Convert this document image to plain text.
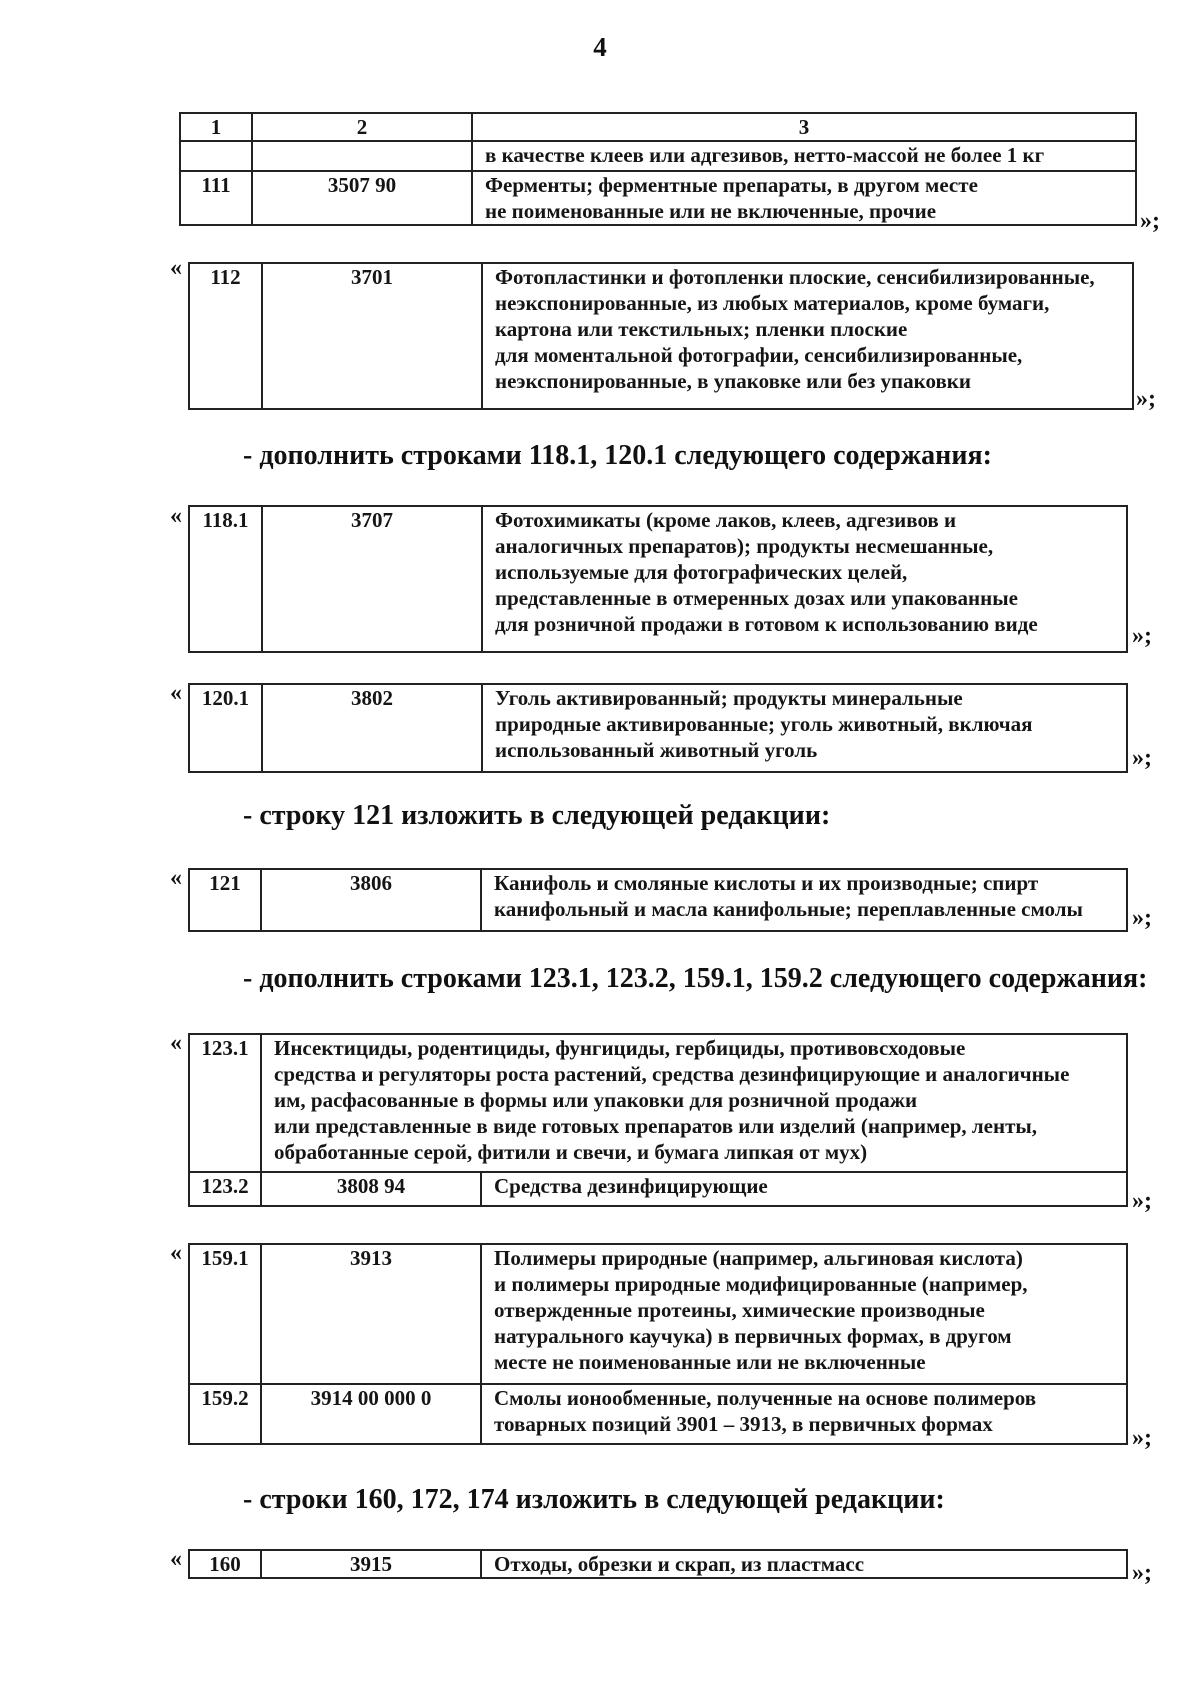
4
1	2	3

		в качестве клеев или адгезивов, нетто-массой не более 1 кг

111	3507 90	Ферменты; ферментные препараты, в другом месте
не поименованные или не включенные, прочие	»;
« 112	3701	Фотопластинки и фотопленки плоские, сенсибилизированные,
неэкспонированные, из любых материалов, кроме бумаги,
картона или текстильных; пленки плоские
для моментальной фотографии, сенсибилизированные,
неэкспонированные, в упаковке или без упаковки
»;
- дополнить строками 118.1, 120.1 следующего содержания:
« 118.1	3707	Фотохимикаты (кроме лаков, клеев, адгезивов и
аналогичных препаратов); продукты несмешанные,
используемые для фотографических целей,
представленные в отмеренных дозах или упакованные
для розничной продажи в готовом к использованию виде	»;
« 120.1	3802	Уголь активированный; продукты минеральные
природные активированные; уголь животный, включая
использованный животный уголь	»;
- строку 121 изложить в следующей редакции:
« 121	3806	Канифоль и смоляные кислоты и их производные; спирт
канифольный и масла канифольные; переплавленные смолы	»;
- дополнить строками 123.1, 123.2, 159.1, 159.2 следующего содержания:
« 123.1	Инсектициды, родентициды, фунгициды, гербициды, противовсходовые
средства и регуляторы роста растений, средства дезинфицирующие и аналогичные
им, расфасованные в формы или упаковки для розничной продажи
или представленные в виде готовых препаратов или изделий (например, ленты,
обработанные серой, фитили и свечи, и бумага липкая от мух)	

123.2	3808 94	Средства дезинфицирующие
»;
« 159.1	3913	Полимеры природные (например, альгиновая кислота)
и полимеры природные модифицированные (например,
отвержденные протеины, химические производные
натурального каучука) в первичных формах, в другом
месте не поименованные или не включенные

159.2	3914 00 000 0	Смолы ионообменные, полученные на основе полимеров
товарных позиций 3901 – 3913, в первичных формах
»;
- строки 160, 172, 174 изложить в следующей редакции:
« 160	3915	Отходы, обрезки и скрап, из пластмасс	»;
